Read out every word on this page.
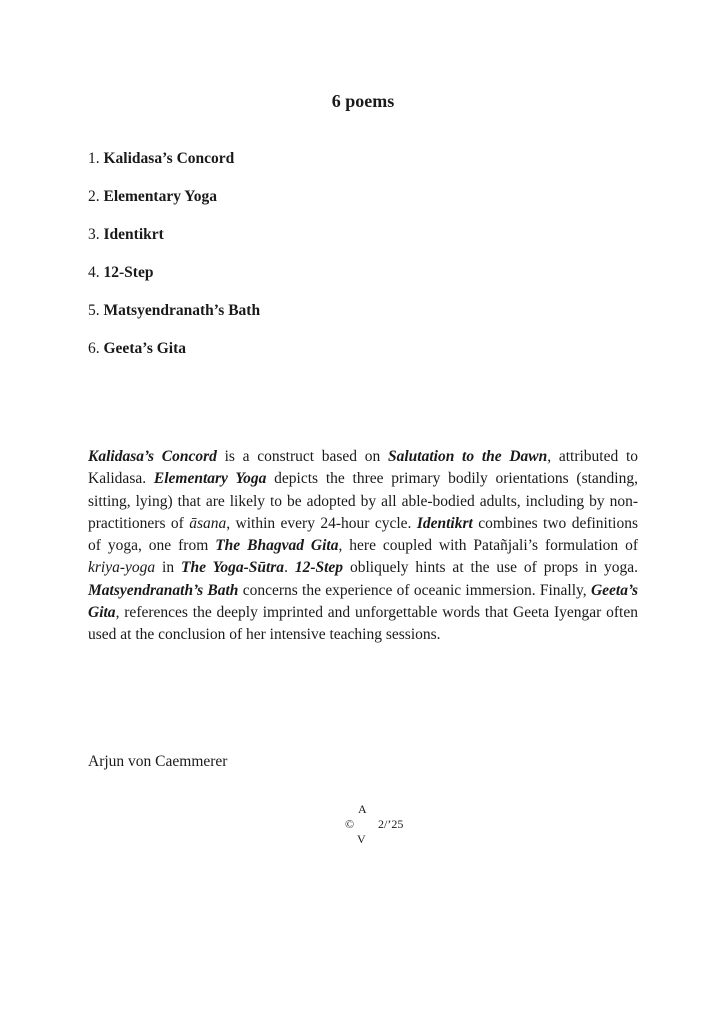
6 poems
1. Kalidasa’s Concord
2. Elementary Yoga
3. Identikrt
4. 12-Step
5. Matsyendranath’s Bath
6. Geeta’s Gita

Kalidasa’s Concord is a construct based on Salutation to the Dawn, attributed to Kalidasa. Elementary Yoga depicts the three primary bodily orientations (standing, sitting, lying) that are likely to be adopted by all able-bodied adults, including by non-practitioners of āsana, within every 24-hour cycle. Identikrt combines two definitions of yoga, one from The Bhagvad Gita, here coupled with Patañjali’s formulation of kriya-yoga in The Yoga-Sūtra. 12-Step obliquely hints at the use of props in yoga. Matsyendranath’s Bath concerns the experience of oceanic immersion. Finally, Geeta’s Gita, references the deeply imprinted and unforgettable words that Geeta Iyengar often used at the conclusion of her intensive teaching sessions.

Arjun von Caemmerer
A
©
V
2/’25
